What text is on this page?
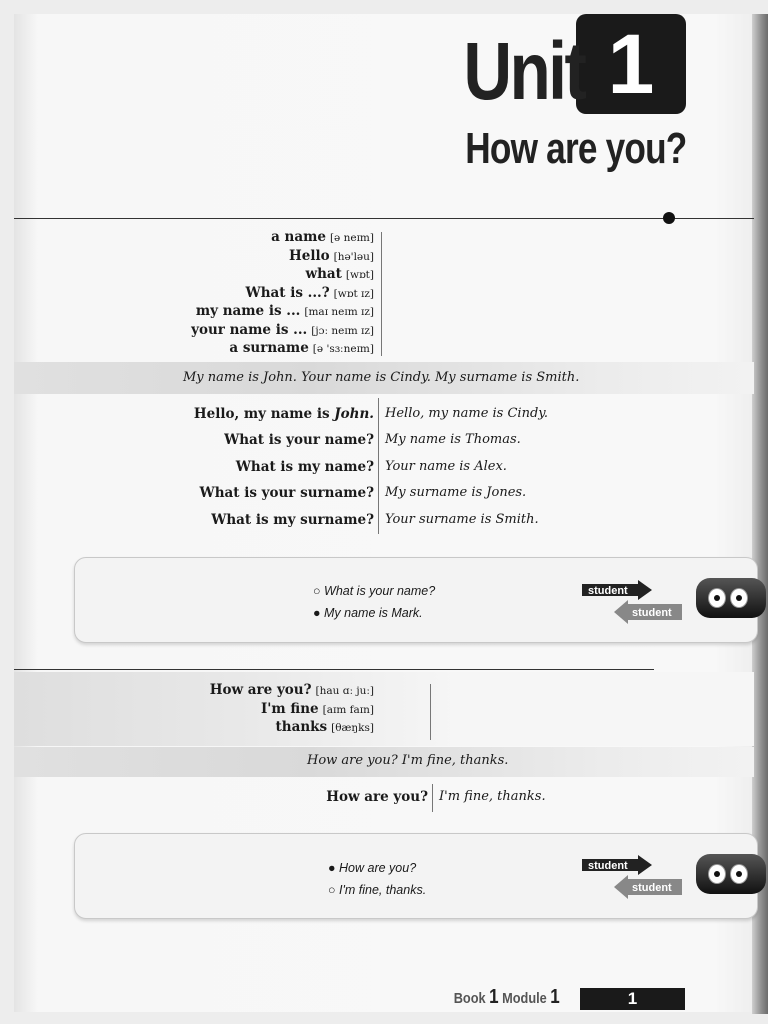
Unit 1
How are you?
a name [ə neɪm]
Hello [hə'ləu]
what [wɒt]
What is ...? [wɒt ɪz]
my name is ... [maɪ neɪm ɪz]
your name is ... [jɔː neɪm ɪz]
a surname [ə 'sɜːneɪm]
My name is John. Your name is Cindy. My surname is Smith.
Hello, my name is John. Hello, my name is Cindy.
What is your name? My name is Thomas.
What is my name? Your name is Alex.
What is your surname? My surname is Jones.
What is my surname? Your surname is Smith.
○ What is your name?
● My name is Mark.
student
student
How are you? [hau ɑː juː]
I'm fine [aɪm faɪn]
thanks [θæŋks]
How are you? I'm fine, thanks.
How are you? I'm fine, thanks.
● How are you?
○ I'm fine, thanks.
student
student
Book 1 Module 1	1
